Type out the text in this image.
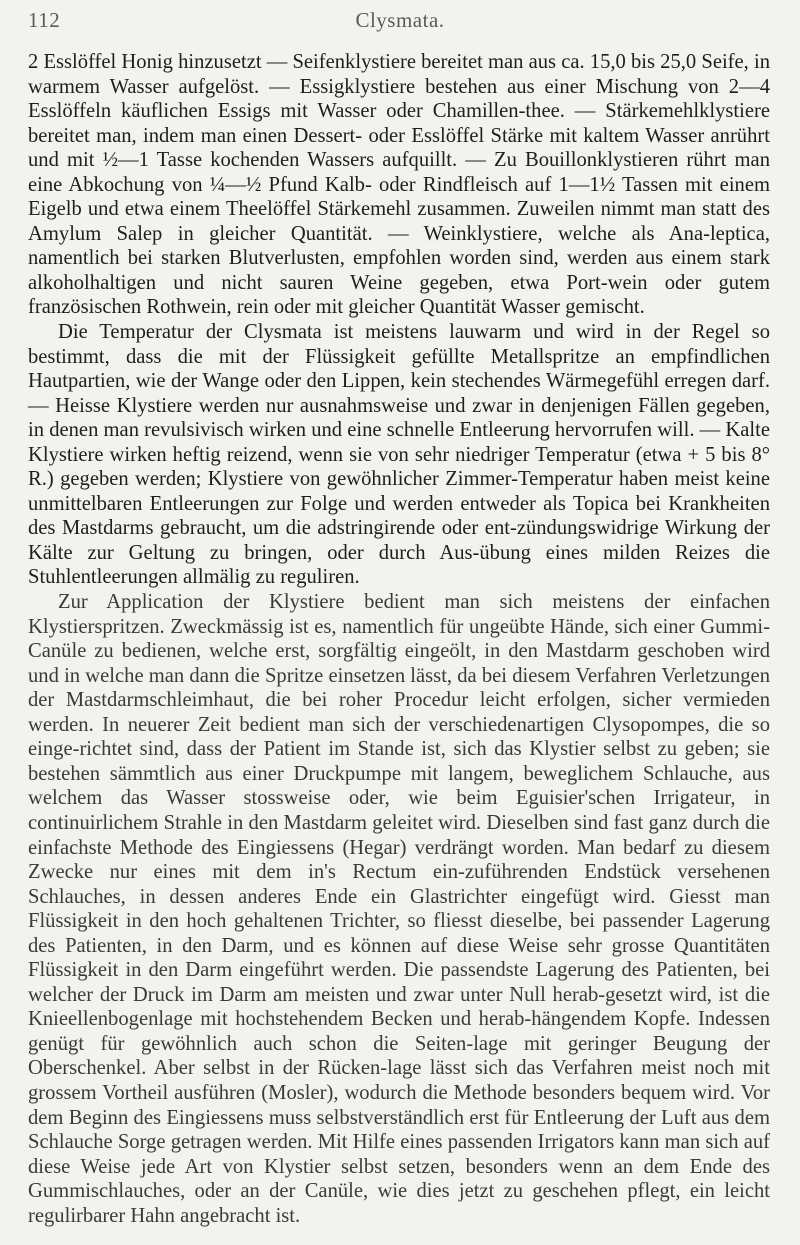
112	Clysmata.

2 Esslöffel Honig hinzusetzt — Seifenklystiere bereitet man aus ca. 15,0 bis 25,0 Seife, in warmem Wasser aufgelöst. — Essigklystiere bestehen aus einer Mischung von 2—4 Esslöffeln käuflichen Essigs mit Wasser oder Chamillen-thee. — Stärkemehlklystiere bereitet man, indem man einen Dessert- oder Esslöffel Stärke mit kaltem Wasser anrührt und mit ½—1 Tasse kochenden Wassers aufquillt. — Zu Bouillonklystieren rührt man eine Abkochung von ¼—½ Pfund Kalb- oder Rindfleisch auf 1—1½ Tassen mit einem Eigelb und etwa einem Theelöffel Stärkemehl zusammen. Zuweilen nimmt man statt des Amylum Salep in gleicher Quantität. — Weinklystiere, welche als Ana-leptica, namentlich bei starken Blutverlusten, empfohlen worden sind, werden aus einem stark alkoholhaltigen und nicht sauren Weine gegeben, etwa Port-wein oder gutem französischen Rothwein, rein oder mit gleicher Quantität Wasser gemischt.

Die Temperatur der Clysmata ist meistens lauwarm und wird in der Regel so bestimmt, dass die mit der Flüssigkeit gefüllte Metallspritze an empfindlichen Hautpartien, wie der Wange oder den Lippen, kein stechendes Wärmegefühl erregen darf. — Heisse Klystiere werden nur ausnahmsweise und zwar in denjenigen Fällen gegeben, in denen man revulsivisch wirken und eine schnelle Entleerung hervorrufen will. — Kalte Klystiere wirken heftig reizend, wenn sie von sehr niedriger Temperatur (etwa + 5 bis 8° R.) gegeben werden; Klystiere von gewöhnlicher Zimmer-Temperatur haben meist keine unmittelbaren Entleerungen zur Folge und werden entweder als Topica bei Krankheiten des Mastdarms gebraucht, um die adstringirende oder ent-zündungswidrige Wirkung der Kälte zur Geltung zu bringen, oder durch Aus-übung eines milden Reizes die Stuhlentleerungen allmälig zu reguliren.

Zur Application der Klystiere bedient man sich meistens der einfachen Klystierspritzen. Zweckmässig ist es, namentlich für ungeübte Hände, sich einer Gummi-Canüle zu bedienen, welche erst, sorgfältig eingeölt, in den Mastdarm geschoben wird und in welche man dann die Spritze einsetzen lässt, da bei diesem Verfahren Verletzungen der Mastdarmschleimhaut, die bei roher Procedur leicht erfolgen, sicher vermieden werden. In neuerer Zeit bedient man sich der verschiedenartigen Clysopompes, die so einge-richtet sind, dass der Patient im Stande ist, sich das Klystier selbst zu geben; sie bestehen sämmtlich aus einer Druckpumpe mit langem, beweglichem Schlauche, aus welchem das Wasser stossweise oder, wie beim Eguisier'schen Irrigateur, in continuirlichem Strahle in den Mastdarm geleitet wird. Dieselben sind fast ganz durch die einfachste Methode des Eingiessens (Hegar) verdrängt worden. Man bedarf zu diesem Zwecke nur eines mit dem in's Rectum ein-zuführenden Endstück versehenen Schlauches, in dessen anderes Ende ein Glastrichter eingefügt wird. Giesst man Flüssigkeit in den hoch gehaltenen Trichter, so fliesst dieselbe, bei passender Lagerung des Patienten, in den Darm, und es können auf diese Weise sehr grosse Quantitäten Flüssigkeit in den Darm eingeführt werden. Die passendste Lagerung des Patienten, bei welcher der Druck im Darm am meisten und zwar unter Null herab-gesetzt wird, ist die Knieellenbogenlage mit hochstehendem Becken und herab-hängendem Kopfe. Indessen genügt für gewöhnlich auch schon die Seiten-lage mit geringer Beugung der Oberschenkel. Aber selbst in der Rücken-lage lässt sich das Verfahren meist noch mit grossem Vortheil ausführen (Mosler), wodurch die Methode besonders bequem wird. Vor dem Beginn des Eingiessens muss selbstverständlich erst für Entleerung der Luft aus dem Schlauche Sorge getragen werden. Mit Hilfe eines passenden Irrigators kann man sich auf diese Weise jede Art von Klystier selbst setzen, besonders wenn an dem Ende des Gummischlauches, oder an der Canüle, wie dies jetzt zu geschehen pflegt, ein leicht regulirbarer Hahn angebracht ist.
